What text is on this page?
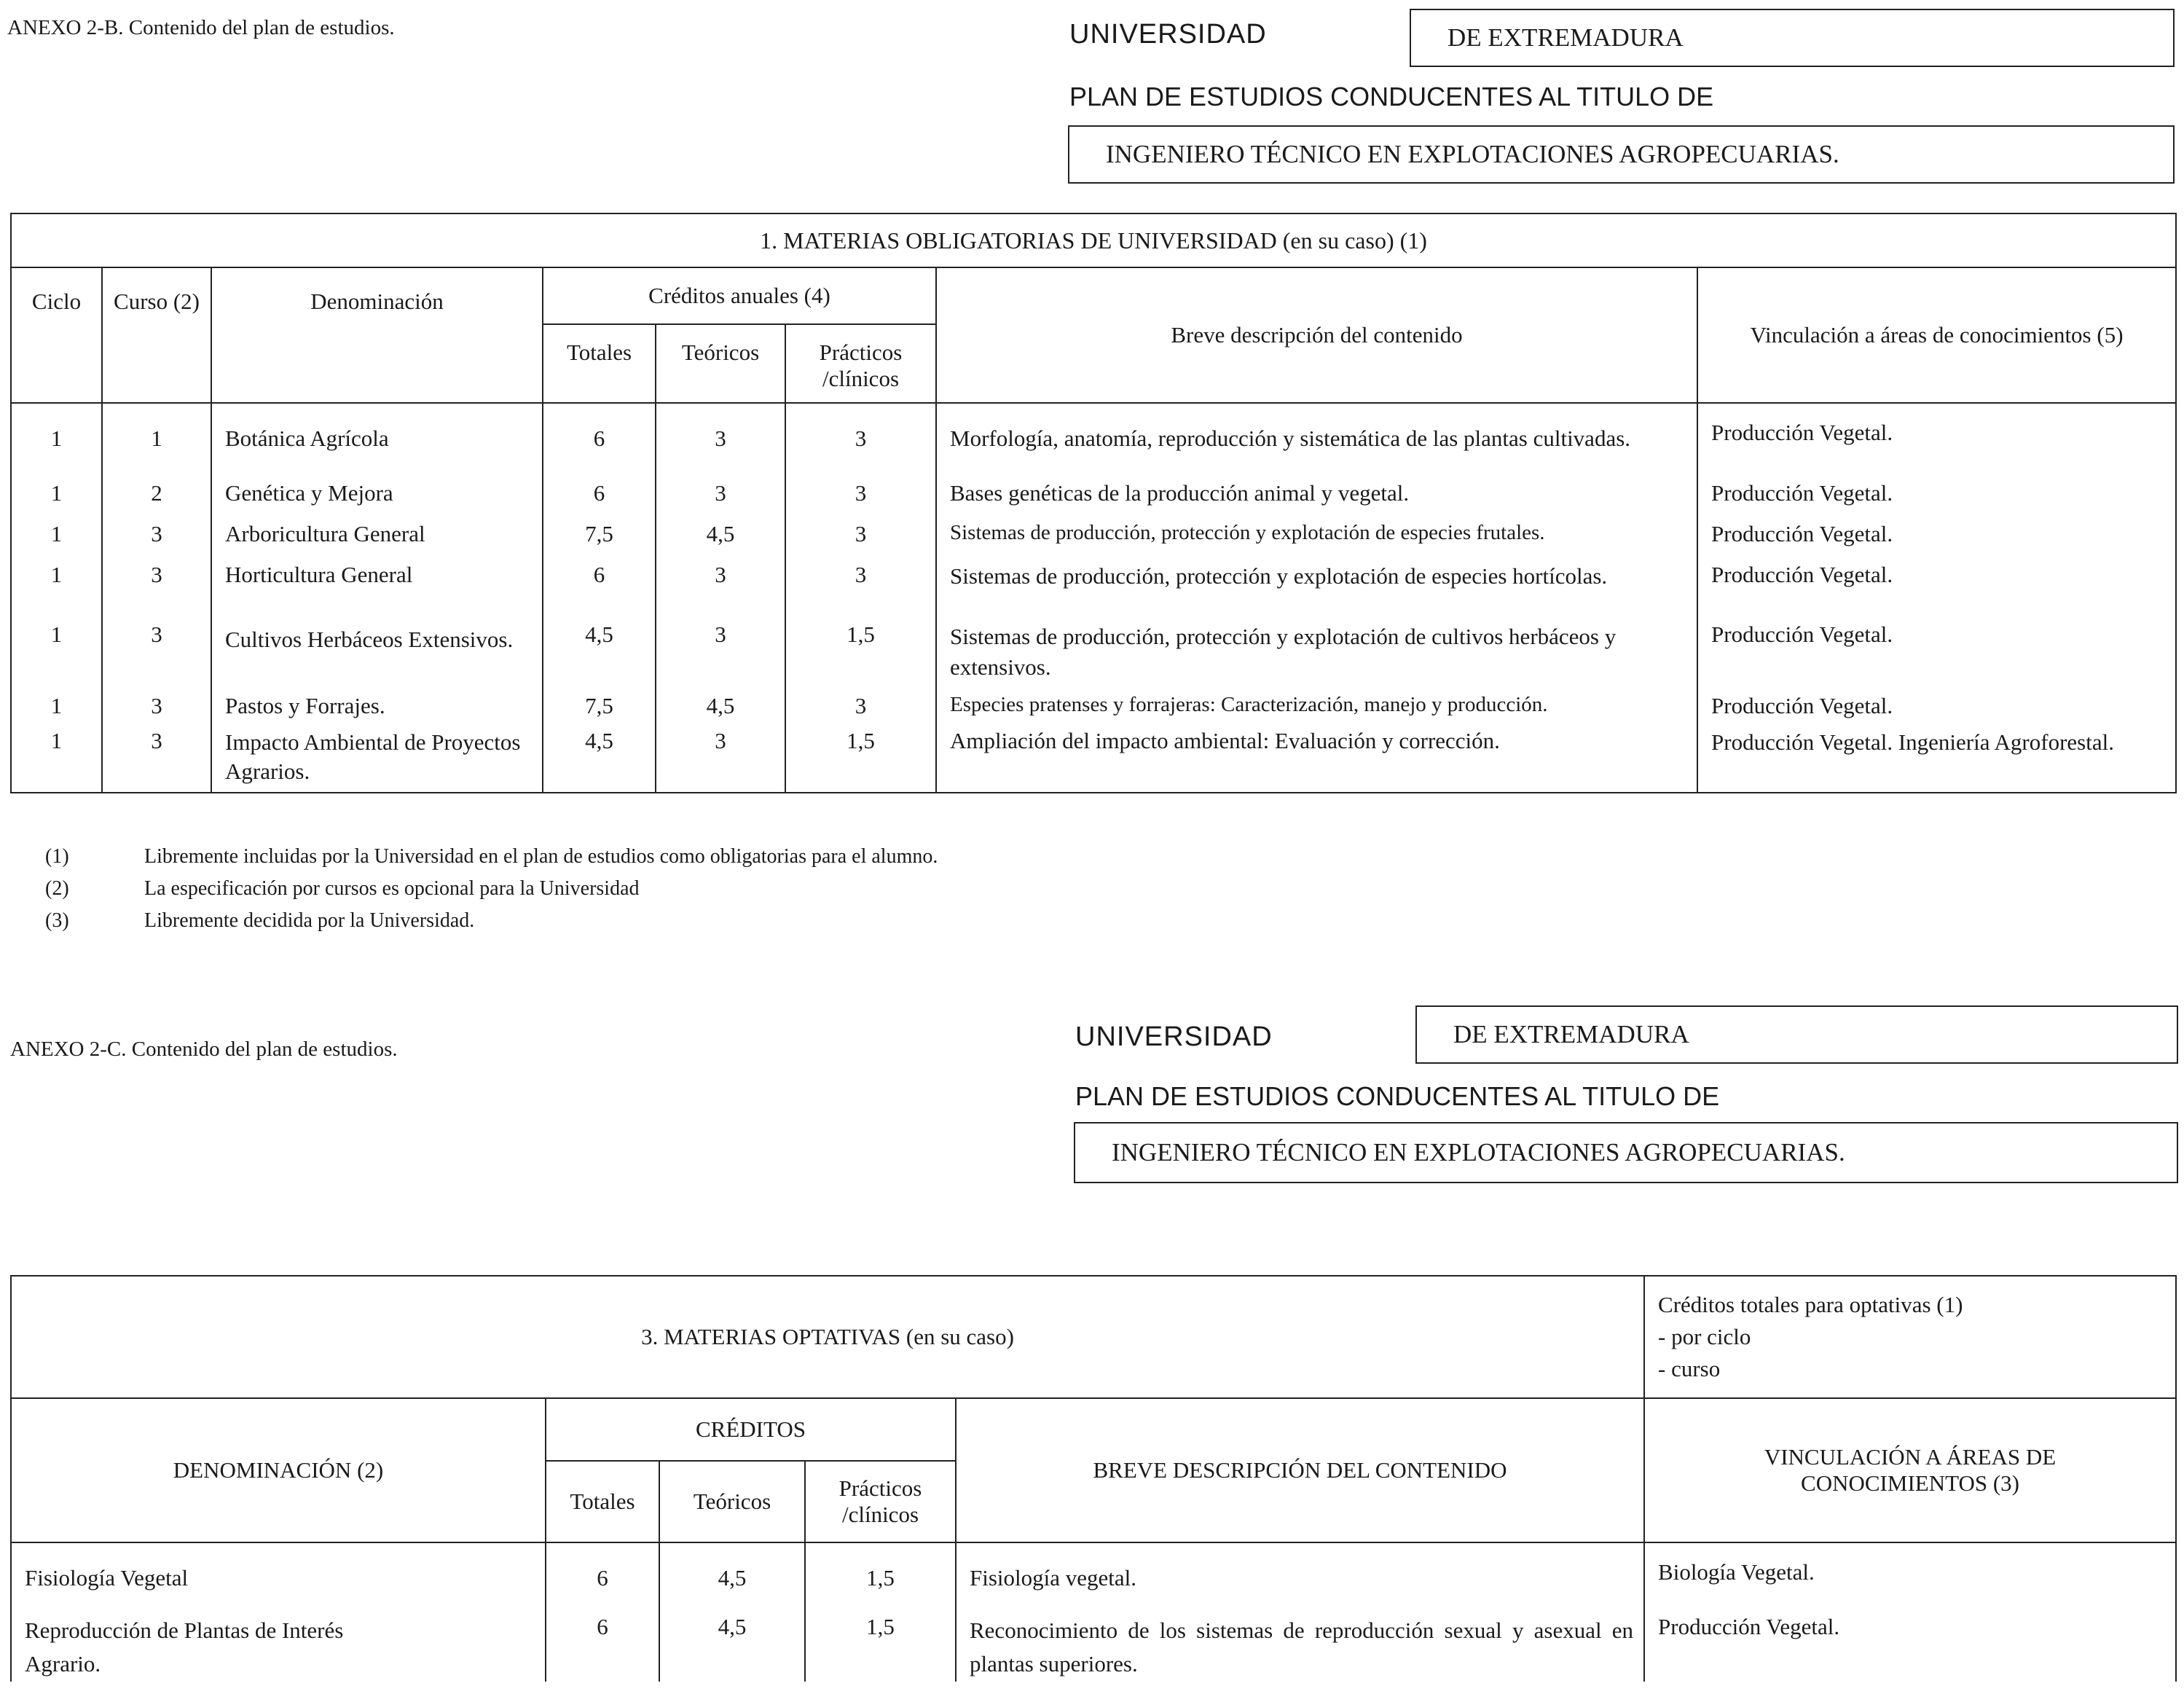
ANEXO 2-B. Contenido del plan de estudios.	UNIVERSIDAD	DE EXTREMADURA
PLAN DE ESTUDIOS CONDUCENTES AL TITULO DE
INGENIERO TÉCNICO EN EXPLOTACIONES AGROPECUARIAS.
1. MATERIAS OBLIGATORIAS DE UNIVERSIDAD (en su caso) (1)							
Ciclo	Curso (2)	Denominación	Créditos anuales (4)			Breve descripción del contenido	Vinculación a áreas de conocimientos (5)
			Totales	Teóricos	Prácticos /clínicos		
1	1	Botánica Agrícola	6	3	3	Morfología, anatomía, reproducción y sistemática de las plantas cultivadas.	Producción Vegetal.
1	2	Genética y Mejora	6	3	3	Bases genéticas de la producción animal y vegetal.	Producción Vegetal.
1	3	Arboricultura General	7,5	4,5	3	Sistemas de producción, protección y explotación de especies frutales.	Producción Vegetal.
1	3	Horticultura General	6	3	3	Sistemas de producción, protección y explotación de especies hortícolas.	Producción Vegetal.
1	3	Cultivos Herbáceos Extensivos.	4,5	3	1,5	Sistemas de producción, protección y explotación de cultivos herbáceos y extensivos.	Producción Vegetal.
1	3	Pastos y Forrajes.	7,5	4,5	3	Especies pratenses y forrajeras: Caracterización, manejo y producción.	Producción Vegetal.
1	3	Impacto Ambiental de Proyectos Agrarios.	4,5	3	1,5	Ampliación del impacto ambiental: Evaluación y corrección.	Producción Vegetal. Ingeniería Agroforestal.
(1)	Libremente incluidas por la Universidad en el plan de estudios como obligatorias para el alumno.
(2)	La especificación por cursos es opcional para la Universidad
(3)	Libremente decidida por la Universidad.
ANEXO 2-C. Contenido del plan de estudios.	UNIVERSIDAD	DE EXTREMADURA
PLAN DE ESTUDIOS CONDUCENTES AL TITULO DE
INGENIERO TÉCNICO EN EXPLOTACIONES AGROPECUARIAS.
3. MATERIAS OPTATIVAS (en su caso)					Créditos totales para optativas (1)
- por ciclo
- curso

DENOMINACIÓN (2)	CRÉDITOS			BREVE DESCRIPCIÓN DEL CONTENIDO	VINCULACIÓN A ÁREAS DE CONOCIMIENTOS (3)
	Totales	Teóricos	Prácticos /clínicos		
Fisiología Vegetal	6	4,5	1,5	Fisiología vegetal.	Biología Vegetal.
Reproducción de Plantas de Interés Agrario.	6	4,5	1,5	Reconocimiento de los sistemas de reproducción sexual y asexual en plantas superiores.	Producción Vegetal.
